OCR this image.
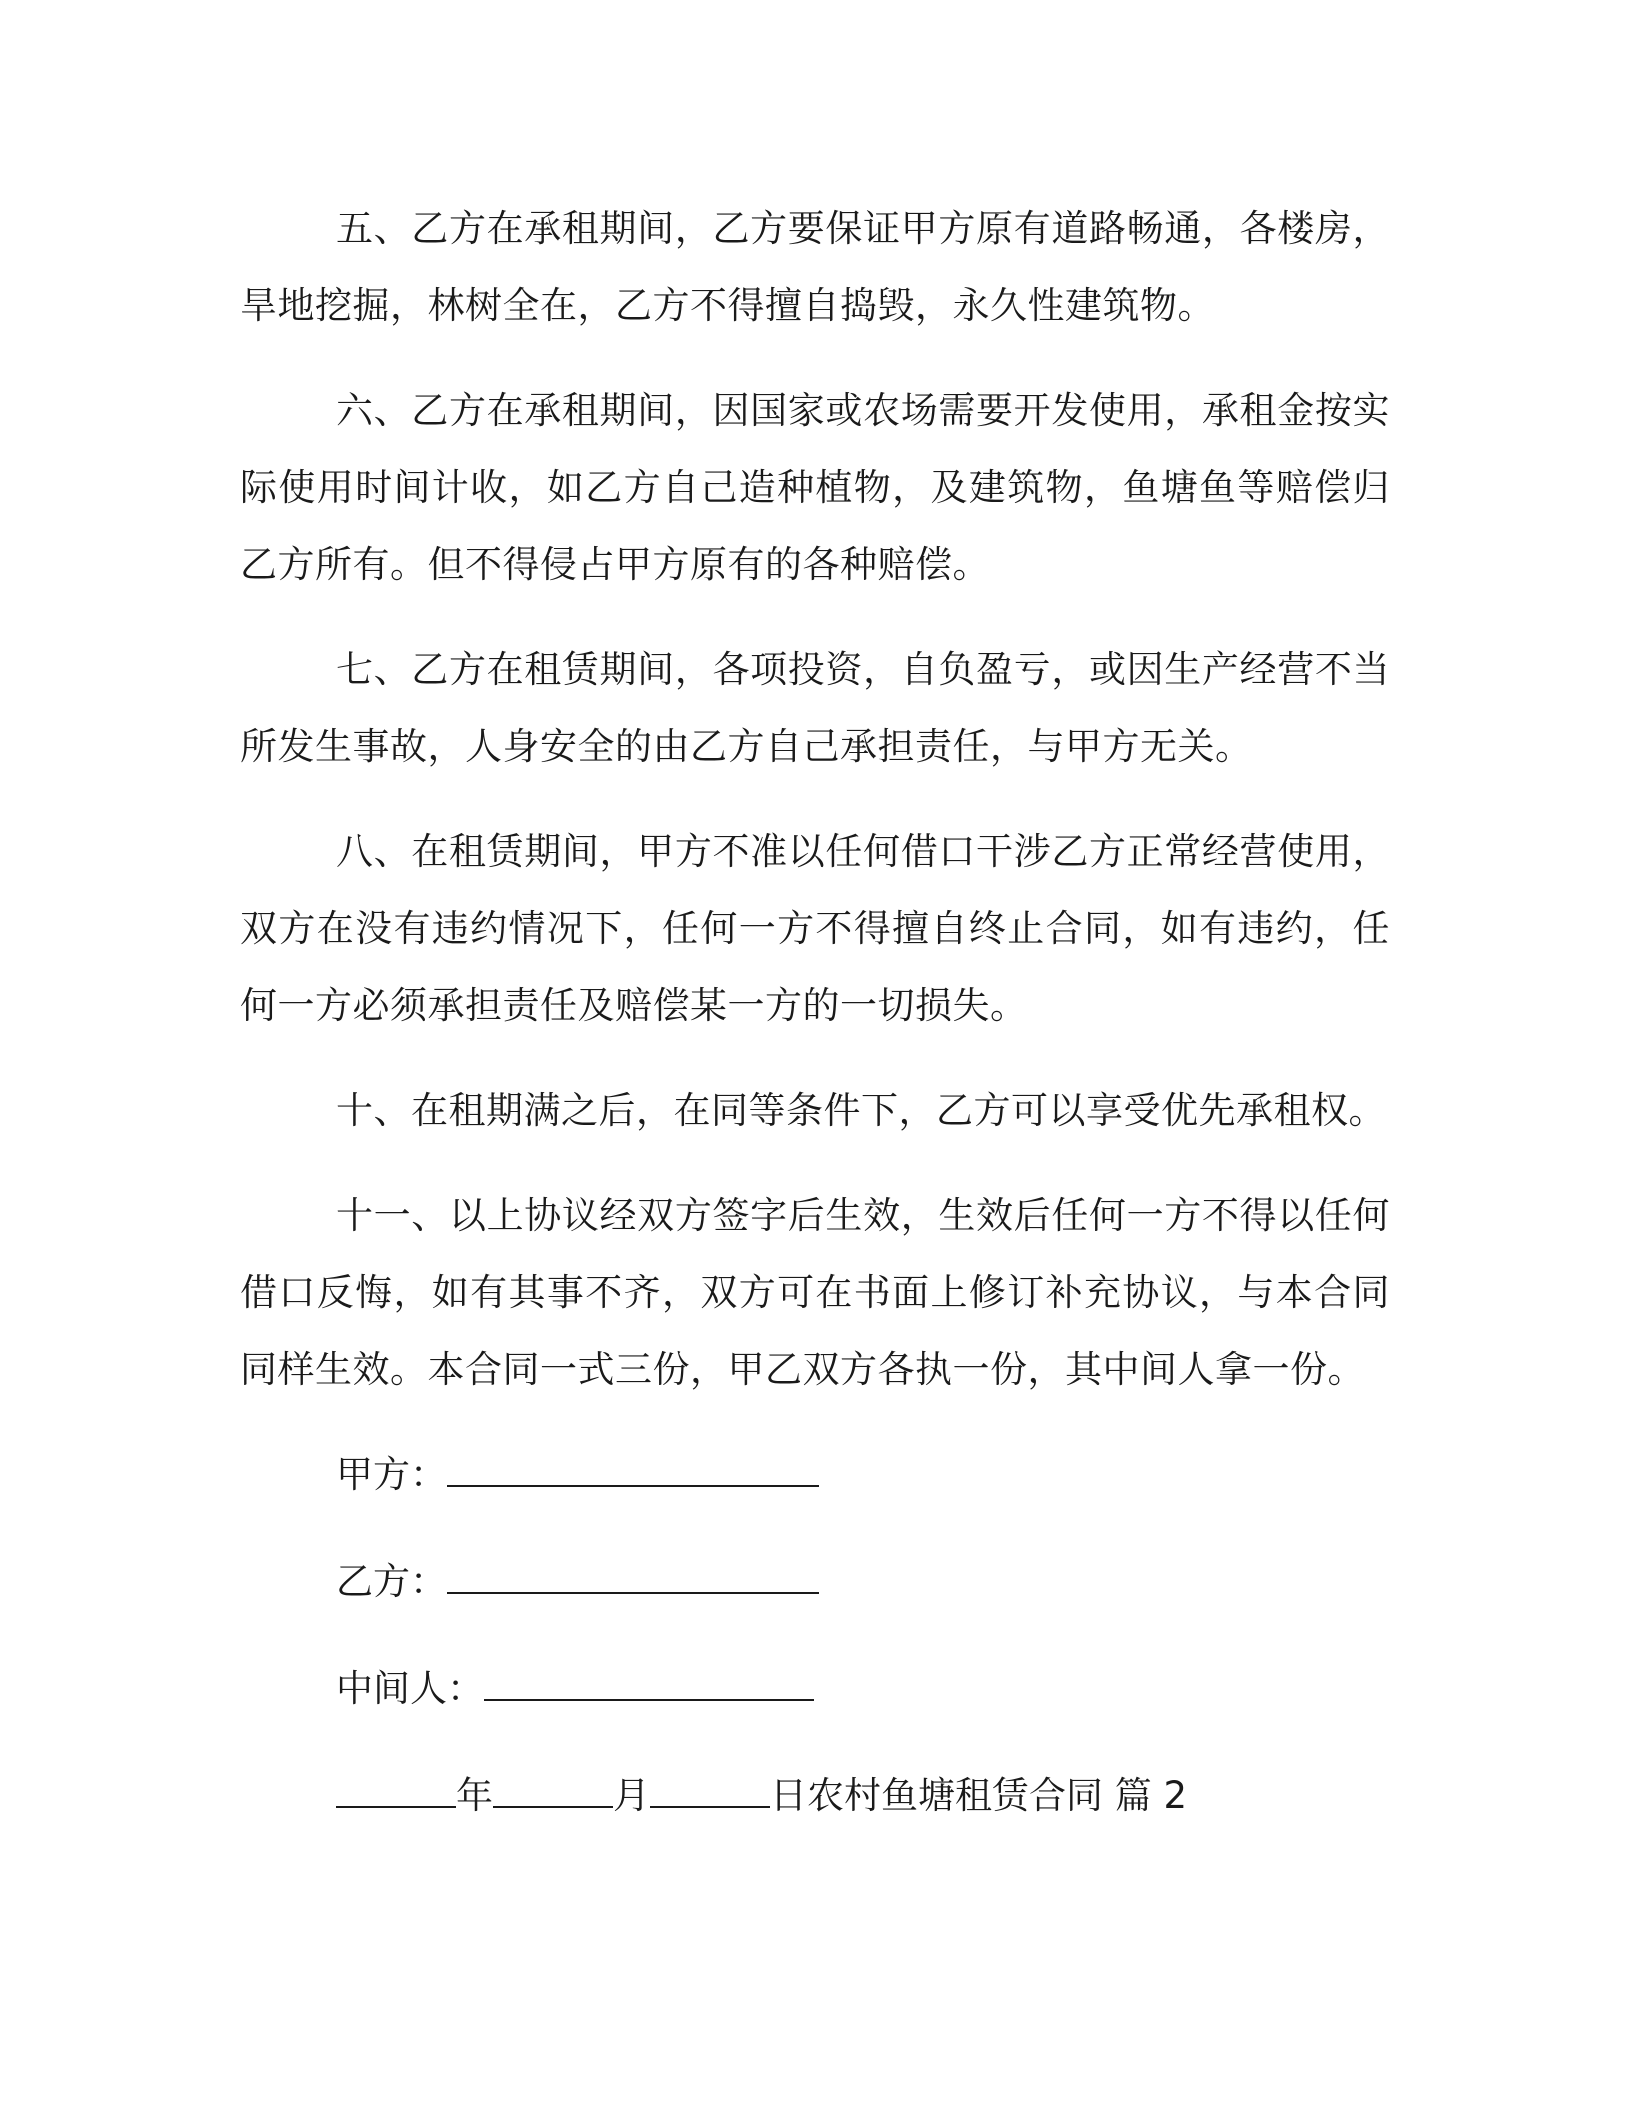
五、乙方在承租期间，乙方要保证甲方原有道路畅通，各楼房，旱地挖掘，林树全在，乙方不得擅自捣毁，永久性建筑物。

六、乙方在承租期间，因国家或农场需要开发使用，承租金按实际使用时间计收，如乙方自己造种植物，及建筑物，鱼塘鱼等赔偿归乙方所有。但不得侵占甲方原有的各种赔偿。

七、乙方在租赁期间，各项投资，自负盈亏，或因生产经营不当所发生事故，人身安全的由乙方自己承担责任，与甲方无关。

八、在租赁期间，甲方不准以任何借口干涉乙方正常经营使用，双方在没有违约情况下，任何一方不得擅自终止合同，如有违约，任何一方必须承担责任及赔偿某一方的一切损失。

十、在租期满之后，在同等条件下，乙方可以享受优先承租权。

十一、以上协议经双方签字后生效，生效后任何一方不得以任何借口反悔，如有其事不齐，双方可在书面上修订补充协议，与本合同同样生效。本合同一式三份，甲乙双方各执一份，其中间人拿一份。

甲方：
乙方：
中间人：
年	月	日农村鱼塘租赁合同 篇 2
